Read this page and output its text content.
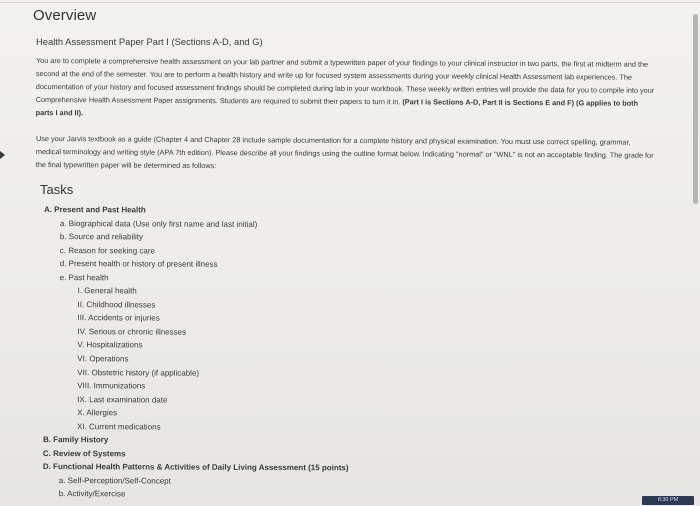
Overview
Health Assessment Paper Part I (Sections A-D, and G)
You are to complete a comprehensive health assessment on your lab partner and submit a typewritten paper of your findings to your clinical instructor in two parts, the first at midterm and the second at the end of the semester. You are to perform a health history and write up for focused system assessments during your weekly clinical Health Assessment lab experiences. The documentation of your history and focused assessment findings should be completed during lab in your workbook. These weekly written entries will provide the data for you to compile into your Comprehensive Health Assessment Paper assignments. Students are required to submit their papers to turn it in. (Part I is Sections A-D, Part II is Sections E and F) (G applies to both parts I and II).
Use your Jarvis textbook as a guide (Chapter 4 and Chapter 28 include sample documentation for a complete history and physical examination. You must use correct spelling, grammar, medical terminology and writing style (APA 7th edition). Please describe all your findings using the outline format below. Indicating "normal" or "WNL" is not an acceptable finding. The grade for the final typewritten paper will be determined as follows:
Tasks
A. Present and Past Health
a. Biographical data (Use only first name and last initial)
b. Source and reliability
c. Reason for seeking care
d. Present health or history of present illness
e. Past health
I. General health
II. Childhood illnesses
III. Accidents or injuries
IV. Serious or chronic illnesses
V. Hospitalizations
VI. Operations
VII. Obstetric history (if applicable)
VIII. Immunizations
IX. Last examination date
X. Allergies
XI. Current medications
B. Family History
C. Review of Systems
D. Functional Health Patterns & Activities of Daily Living Assessment (15 points)
a. Self-Perception/Self-Concept
b. Activity/Exercise
8:30 PM
